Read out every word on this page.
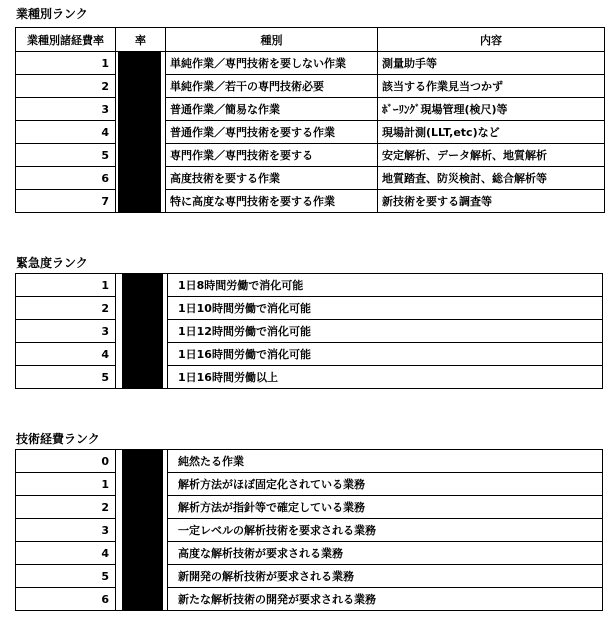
業種別ランク
業種別諸経費率	率	種別	内容
1		単純作業／専門技術を要しない作業	測量助手等
2		単純作業／若干の専門技術必要	該当する作業見当つかず
3		普通作業／簡易な作業	ﾎﾞｰﾘﾝｸﾞ現場管理(検尺)等
4		普通作業／専門技術を要する作業	現場計測(LLT,etc)など
5		専門作業／専門技術を要する	安定解析、データ解析、地質解析
6		高度技術を要する作業	地質踏査、防災検討、総合解析等
7		特に高度な専門技術を要する作業	新技術を要する調査等
緊急度ランク
1		1日8時間労働で消化可能
2		1日10時間労働で消化可能
3		1日12時間労働で消化可能
4		1日16時間労働で消化可能
5		1日16時間労働以上
技術経費ランク
0		純然たる作業
1		解析方法がほぼ固定化されている業務
2		解析方法が指針等で確定している業務
3		一定レベルの解析技術を要求される業務
4		高度な解析技術が要求される業務
5		新開発の解析技術が要求される業務
6		新たな解析技術の開発が要求される業務
